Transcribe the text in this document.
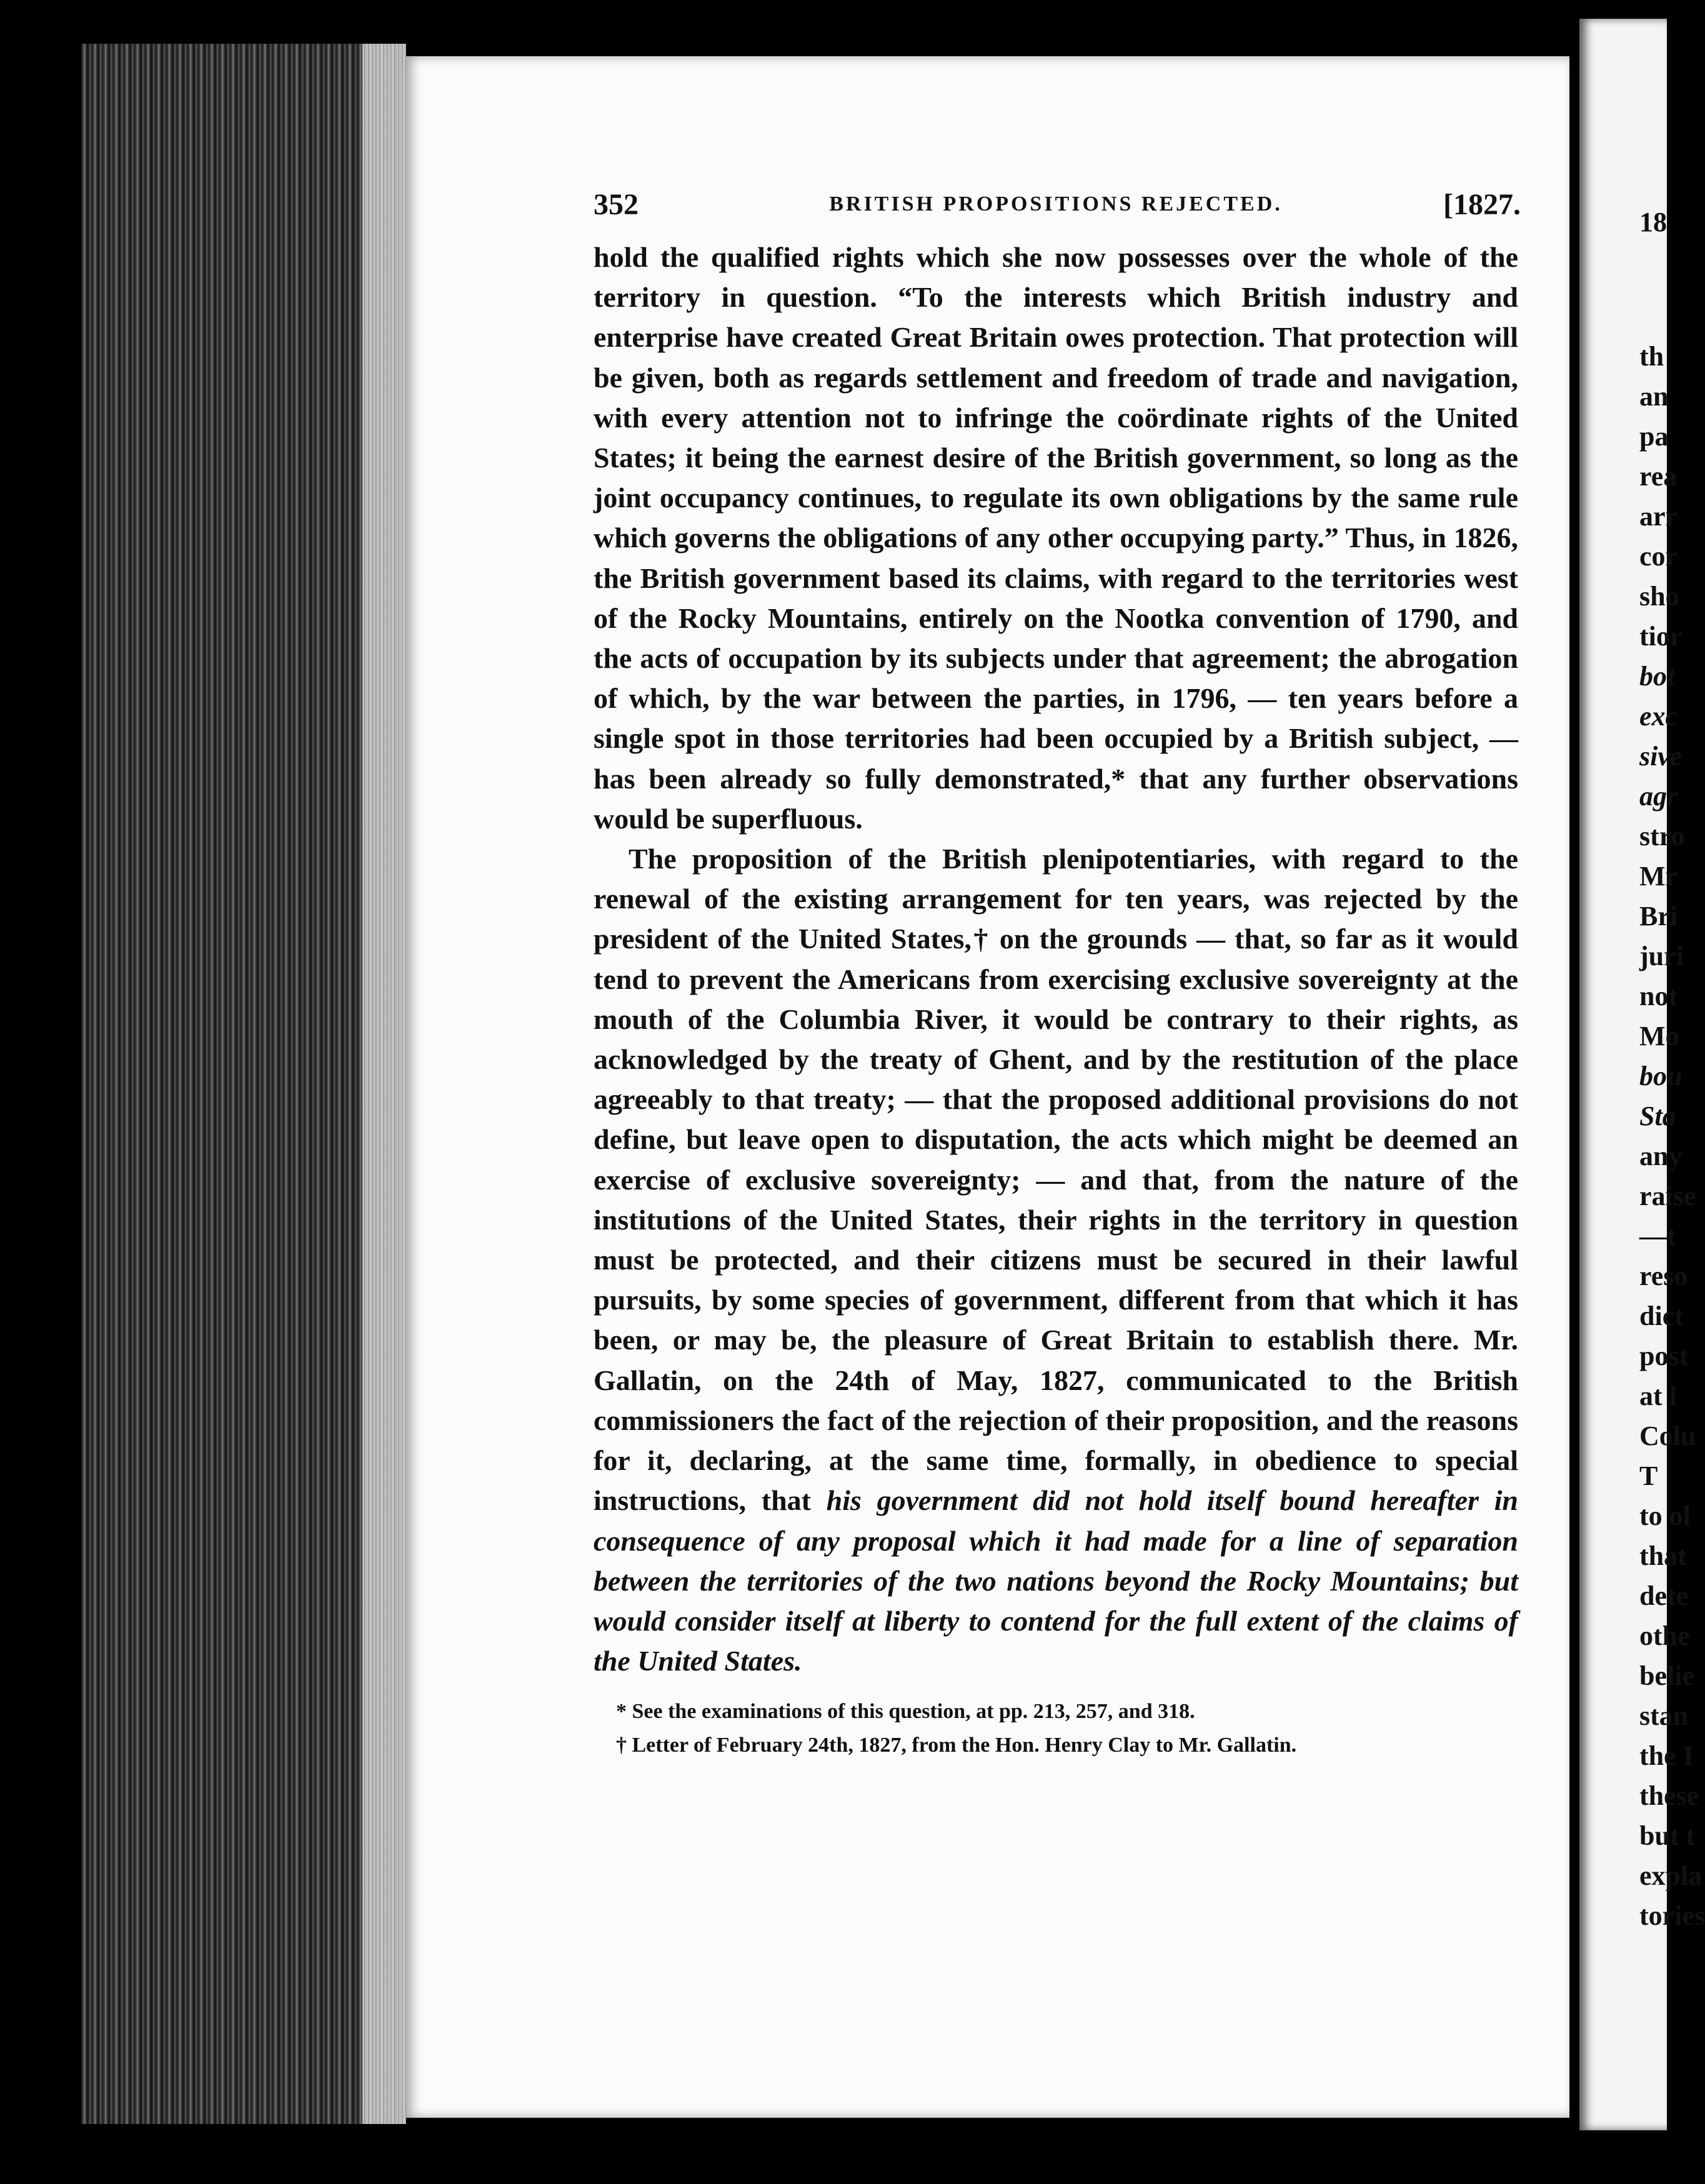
18
th
an
pa
rea
arr
cor
sho
tior
bot
exc
sive
agr
stro
Mr
Bri
juri
not
Mo
bou
Sta
any
raise
—t
reso
dict
post
at l
Colu
T
to ol
that
dete
othe
belie
stan
the I
these
but t
expla
tories
352	BRITISH PROPOSITIONS REJECTED.	[1827.

hold the qualified rights which she now possesses over the whole of the territory in question. “To the interests which British industry and enterprise have created Great Britain owes protection. That protection will be given, both as regards settlement and freedom of trade and navigation, with every attention not to infringe the coördinate rights of the United States; it being the earnest desire of the British government, so long as the joint occupancy continues, to regulate its own obligations by the same rule which governs the obligations of any other occupying party.” Thus, in 1826, the British government based its claims, with regard to the territories west of the Rocky Mountains, entirely on the Nootka convention of 1790, and the acts of occupation by its subjects under that agreement; the abrogation of which, by the war between the parties, in 1796, — ten years before a single spot in those territories had been occupied by a British subject, — has been already so fully demonstrated,* that any further observations would be superfluous.

The proposition of the British plenipotentiaries, with regard to the renewal of the existing arrangement for ten years, was rejected by the president of the United States,† on the grounds — that, so far as it would tend to prevent the Americans from exercising exclusive sovereignty at the mouth of the Columbia River, it would be contrary to their rights, as acknowledged by the treaty of Ghent, and by the restitution of the place agreeably to that treaty; — that the proposed additional provisions do not define, but leave open to disputation, the acts which might be deemed an exercise of exclusive sovereignty; — and that, from the nature of the institutions of the United States, their rights in the territory in question must be protected, and their citizens must be secured in their lawful pursuits, by some species of government, different from that which it has been, or may be, the pleasure of Great Britain to establish there. Mr. Gallatin, on the 24th of May, 1827, communicated to the British commissioners the fact of the rejection of their proposition, and the reasons for it, declaring, at the same time, formally, in obedience to special instructions, that his government did not hold itself bound hereafter in consequence of any proposal which it had made for a line of separation between the territories of the two nations beyond the Rocky Mountains; but would consider itself at liberty to contend for the full extent of the claims of the United States.

* See the examinations of this question, at pp. 213, 257, and 318.
† Letter of February 24th, 1827, from the Hon. Henry Clay to Mr. Gallatin.
